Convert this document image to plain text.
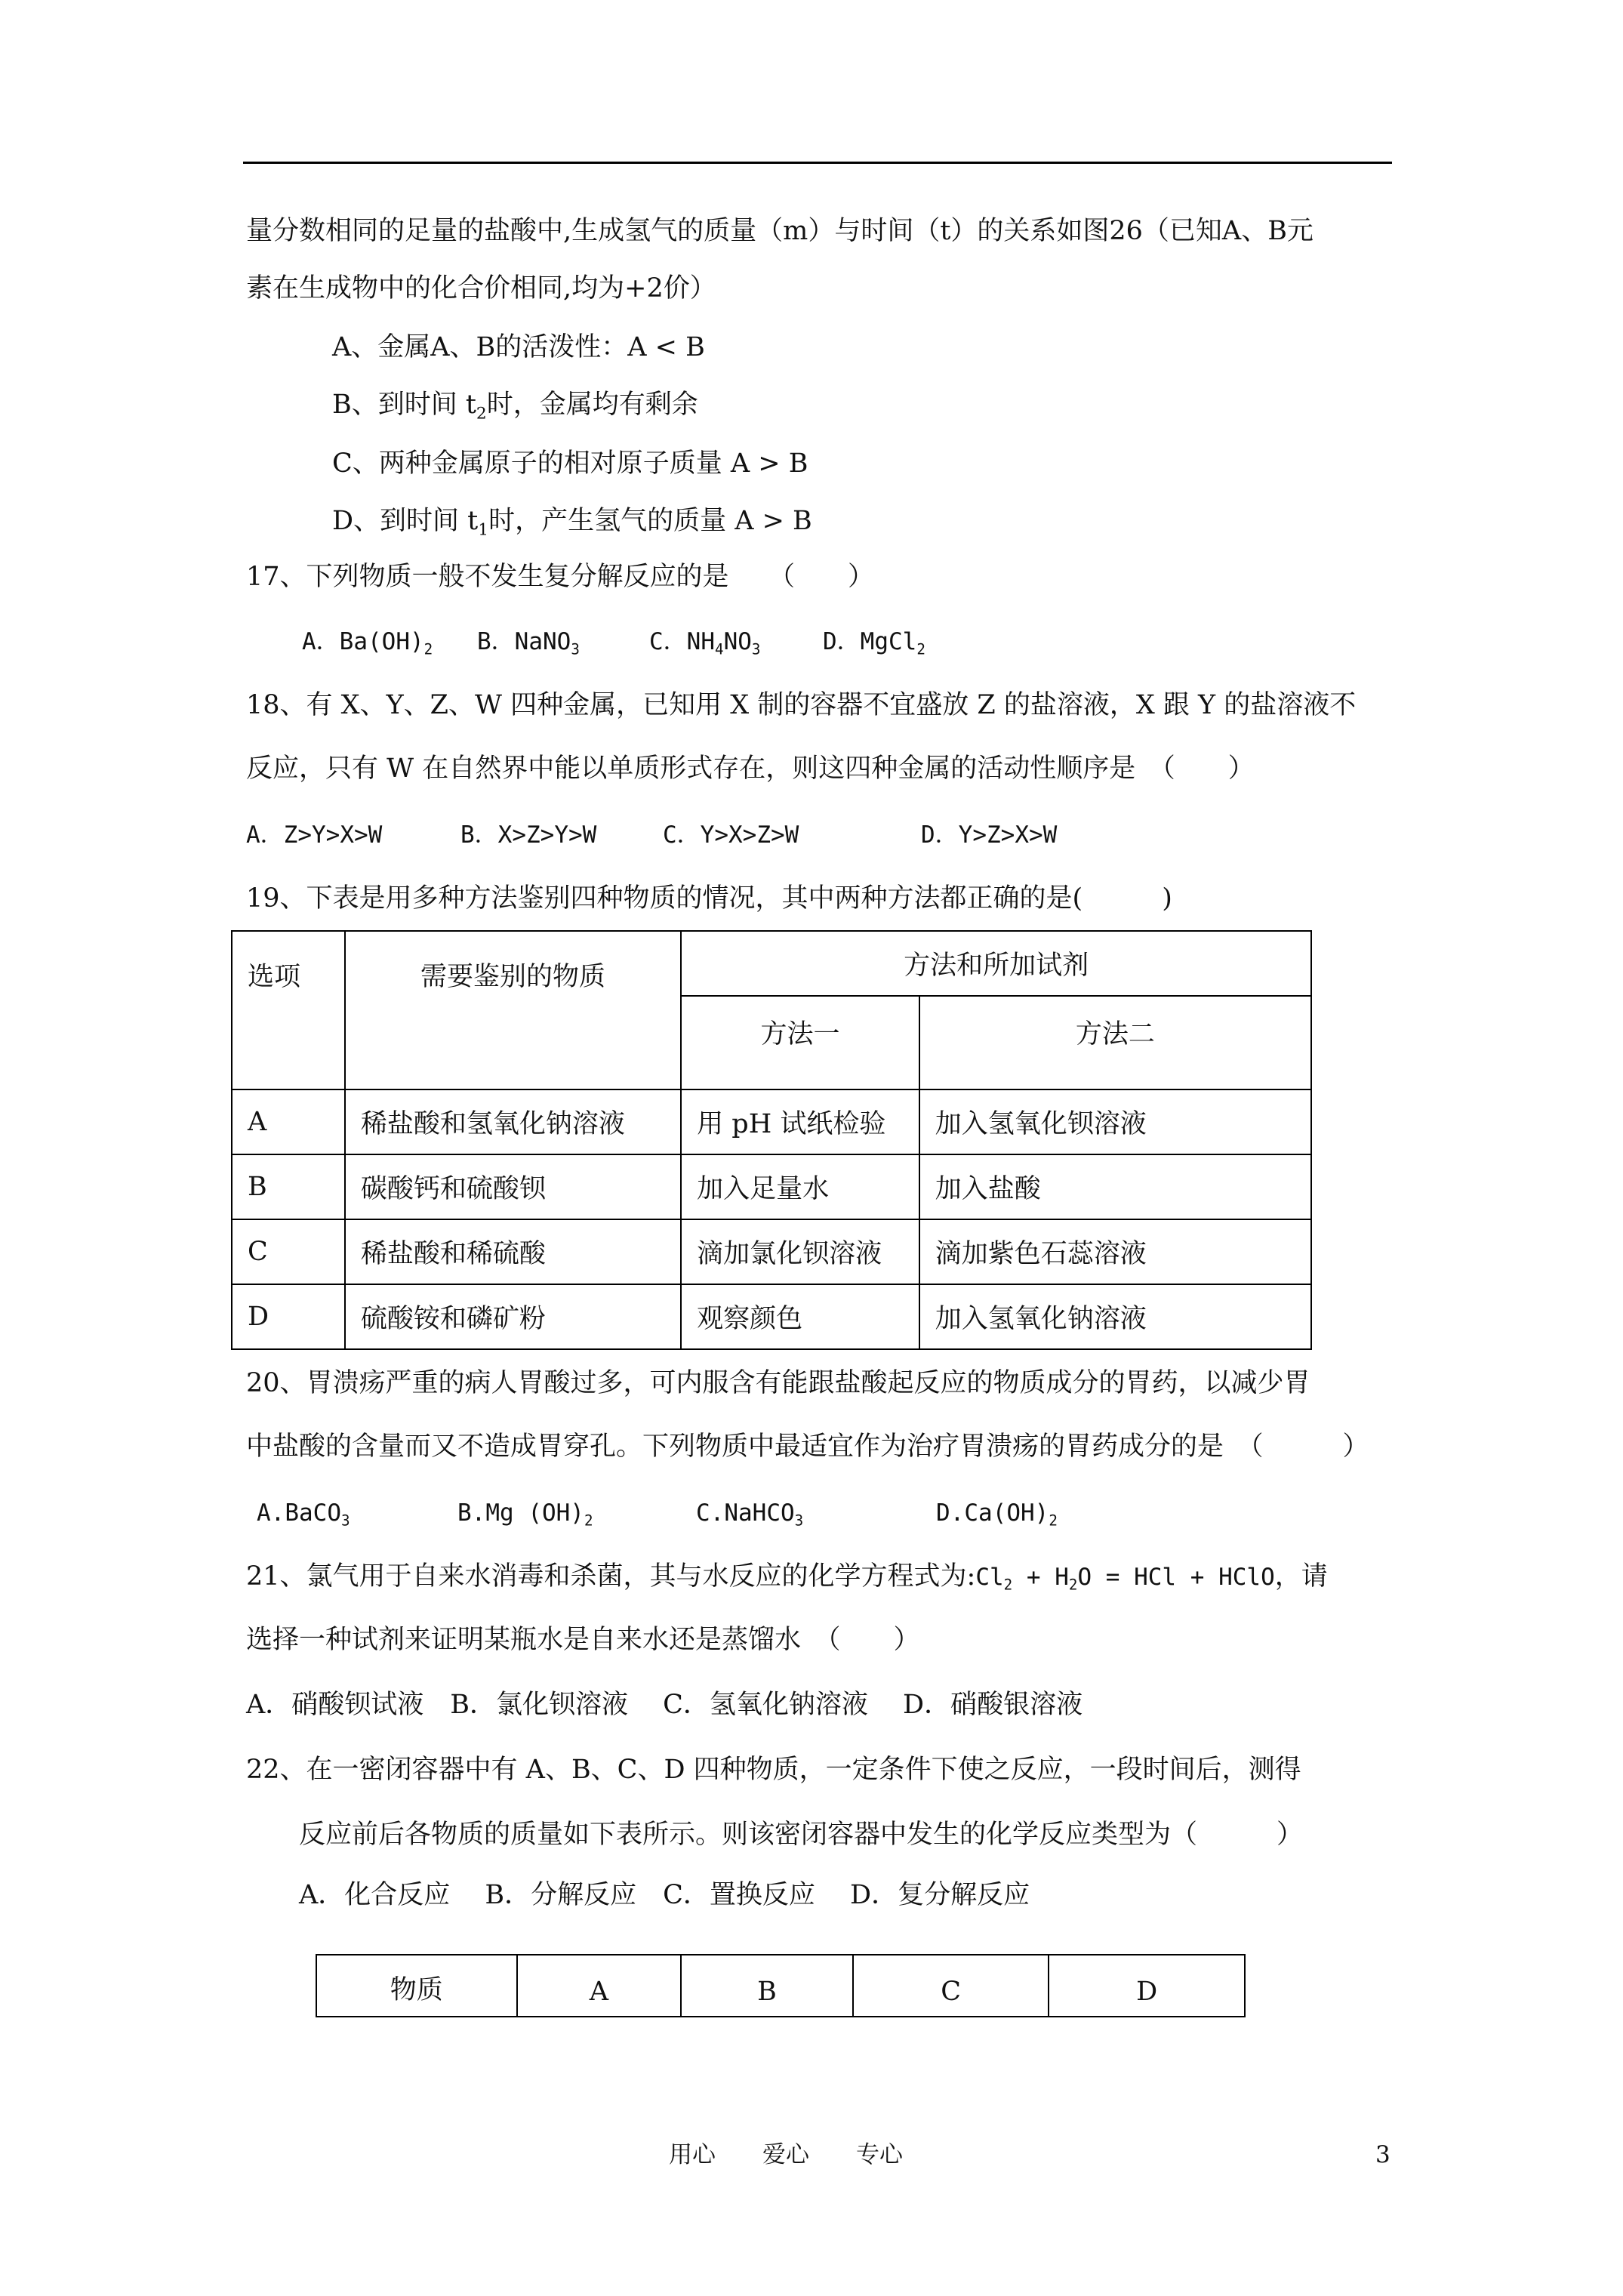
量分数相同的足量的盐酸中,生成氢气的质量（m）与时间（t）的关系如图26（已知A、B元
素在生成物中的化合价相同,均为+2价）
A、金属A、B的活泼性：A < B
B、到时间 $t_2$时，金属均有剩余
C、两种金属原子的相对原子质量 A > B
D、到时间 $t_1$时，产生氢气的质量 A > B
17、下列物质一般不发生复分解反应的是　　（　　）
A．$Ba(OH)_2$ B．NaNO$_3$	C．$NH_4NO_3$	D．MgCl$_2$
18、有 X、Y、Z、W 四种金属，已知用 X 制的容器不宜盛放 Z 的盐溶液，X 跟 Y 的盐溶液不
反应，只有 W 在自然界中能以单质形式存在，则这四种金属的活动性顺序是　（　　）
A．Z>Y>X>W	B．X>Z>Y>W	C．Y>X>Z>W	D．Y>Z>X>W
19、下表是用多种方法鉴别四种物质的情况，其中两种方法都正确的是(　　　)
选项	需要鉴别的物质	方法和所加试剂	
		方法一	方法二
A	稀盐酸和氢氧化钠溶液	用 pH 试纸检验	加入氢氧化钡溶液
B	碳酸钙和硫酸钡	加入足量水	加入盐酸
C	稀盐酸和稀硫酸	滴加氯化钡溶液	滴加紫色石蕊溶液
D	硫酸铵和磷矿粉	观察颜色	加入氢氧化钠溶液
20、胃溃疡严重的病人胃酸过多，可内服含有能跟盐酸起反应的物质成分的胃药，以减少胃
中盐酸的含量而又不造成胃穿孔。下列物质中最适宜作为治疗胃溃疡的胃药成分的是　（　　　）
A.BaCO$_3$	B.Mg $(OH)_2$	C.NaHCO$_3$	$D.Ca(OH)_2$
21、氯气用于自来水消毒和杀菌，其与水反应的化学方程式为$:Cl_2 + H_2O$ = HCl + HClO，请
选择一种试剂来证明某瓶水是自来水还是蒸馏水　（　　）
A．硝酸钡试液　B．氯化钡溶液　 C．氢氧化钠溶液　 D．硝酸银溶液
22、在一密闭容器中有 A、B、C、D 四种物质，一定条件下使之反应，一段时间后，测得
反应前后各物质的质量如下表所示。则该密闭容器中发生的化学反应类型为（　　　）
A．化合反应　 B．分解反应　C．置换反应　 D．复分解反应
物质	A	B	C	D
用心　　爱心　　专心	3
